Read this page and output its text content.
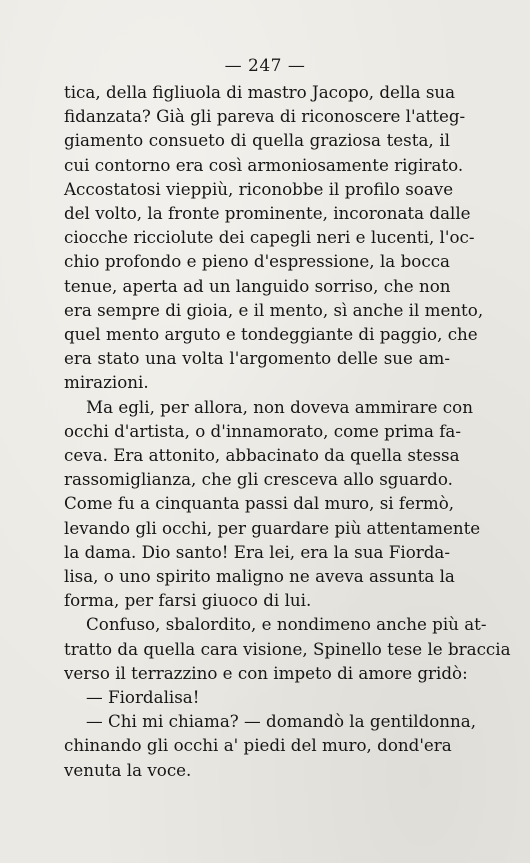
— 247 —
tica, della figliuola di mastro Jacopo, della sua
fidanzata? Già gli pareva di riconoscere l'atteg-
giamento consueto di quella graziosa testa, il
cui contorno era così armoniosamente rigirato.
Accostatosi vieppiù, riconobbe il profilo soave
del volto, la fronte prominente, incoronata dalle
ciocche ricciolute dei capegli neri e lucenti, l'oc-
chio profondo e pieno d'espressione, la bocca
tenue, aperta ad un languido sorriso, che non
era sempre di gioia, e il mento, sì anche il mento,
quel mento arguto e tondeggiante di paggio, che
era stato una volta l'argomento delle sue am-
mirazioni.
Ma egli, per allora, non doveva ammirare con
occhi d'artista, o d'innamorato, come prima fa-
ceva. Era attonito, abbacinato da quella stessa
rassomiglianza, che gli cresceva allo sguardo.
Come fu a cinquanta passi dal muro, si fermò,
levando gli occhi, per guardare più attentamente
la dama. Dio santo! Era lei, era la sua Fiorda-
lisa, o uno spirito maligno ne aveva assunta la
forma, per farsi giuoco di lui.
Confuso, sbalordito, e nondimeno anche più at-
tratto da quella cara visione, Spinello tese le braccia
verso il terrazzino e con impeto di amore gridò:
— Fiordalisa!
— Chi mi chiama? — domandò la gentildonna,
chinando gli occhi a' piedi del muro, dond'era
venuta la voce.
